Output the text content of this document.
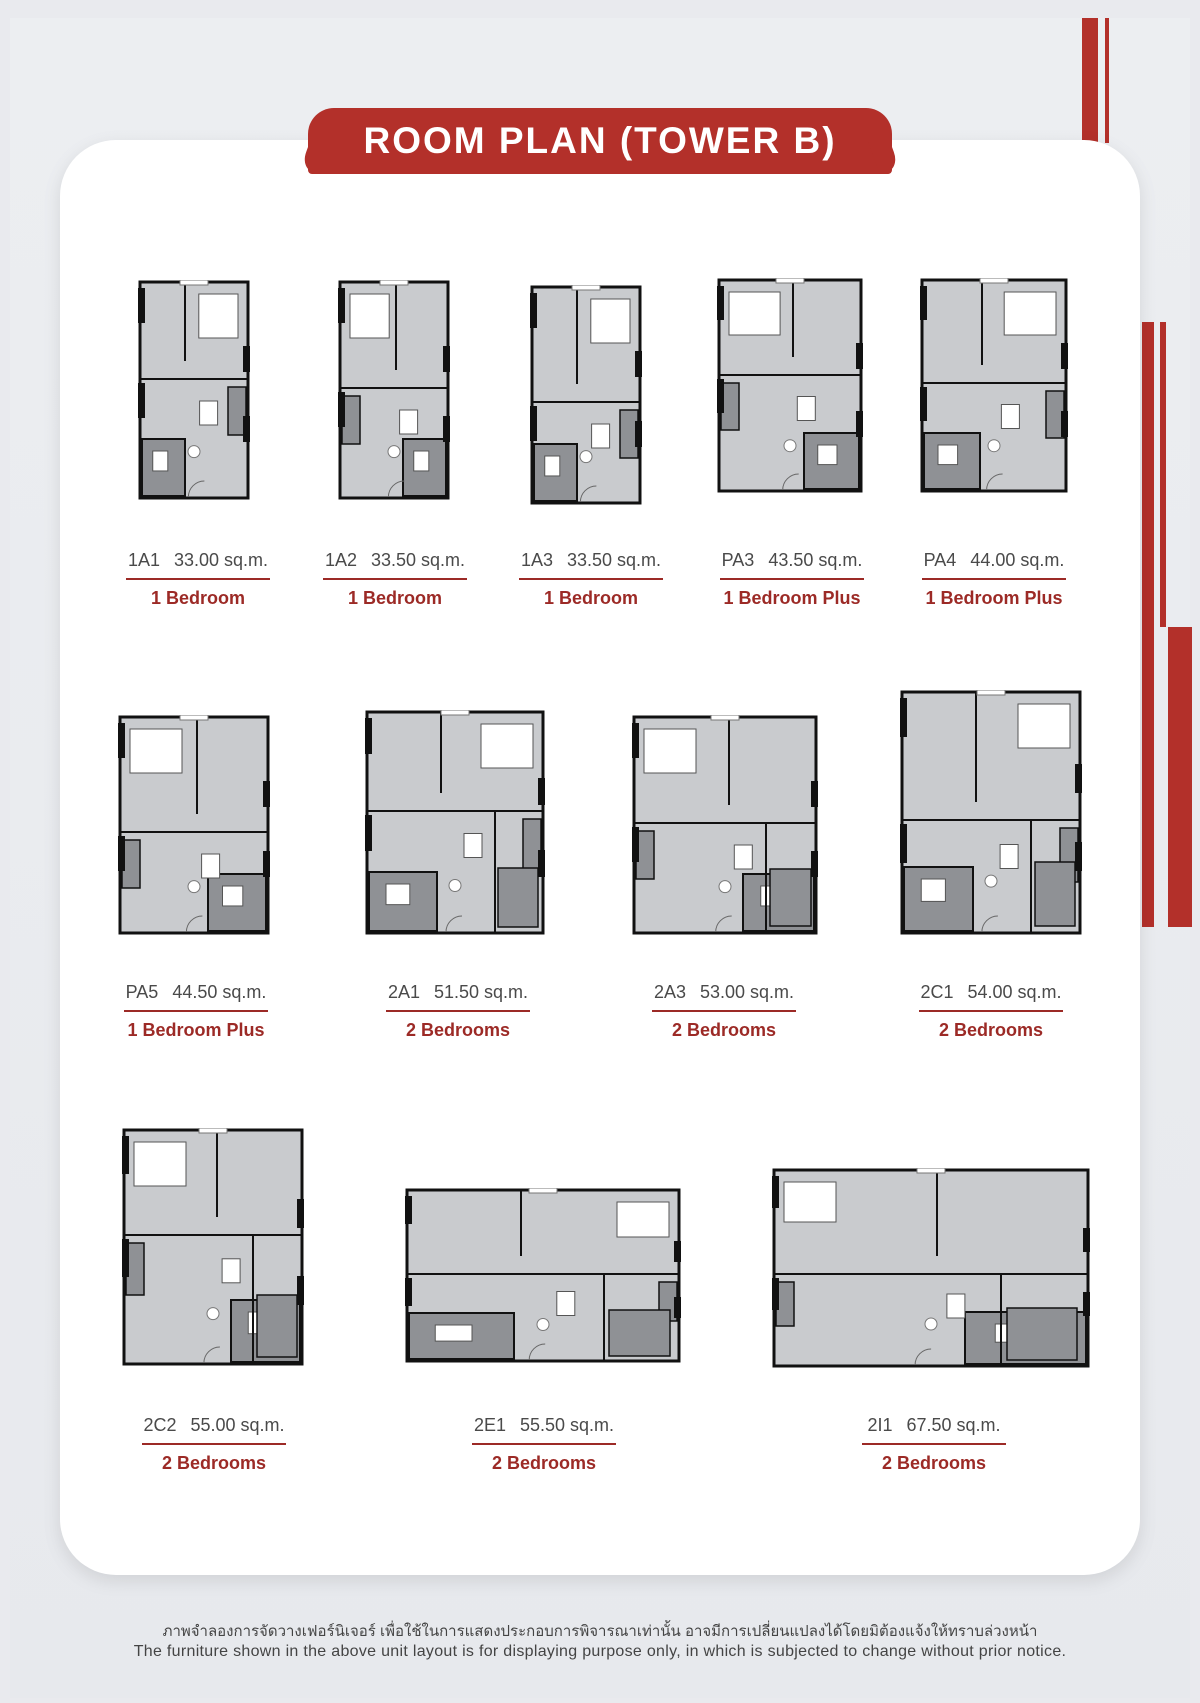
ROOM PLAN (TOWER B)
1A1 33.00 sq.m.
1 Bedroom
1A2 33.50 sq.m.
1 Bedroom
1A3 33.50 sq.m.
1 Bedroom
PA3 43.50 sq.m.
1 Bedroom Plus
PA4 44.00 sq.m.
1 Bedroom Plus
PA5 44.50 sq.m.
1 Bedroom Plus
2A1 51.50 sq.m.
2 Bedrooms
2A3 53.00 sq.m.
2 Bedrooms
2C1 54.00 sq.m.
2 Bedrooms
2C2 55.00 sq.m.
2 Bedrooms
2E1 55.50 sq.m.
2 Bedrooms
2I1 67.50 sq.m.
2 Bedrooms
ภาพจำลองการจัดวางเฟอร์นิเจอร์ เพื่อใช้ในการแสดงประกอบการพิจารณาเท่านั้น อาจมีการเปลี่ยนแปลงได้โดยมิต้องแจ้งให้ทราบล่วงหน้า
The furniture shown in the above unit layout is for displaying purpose only, in which is subjected to change without prior notice.
